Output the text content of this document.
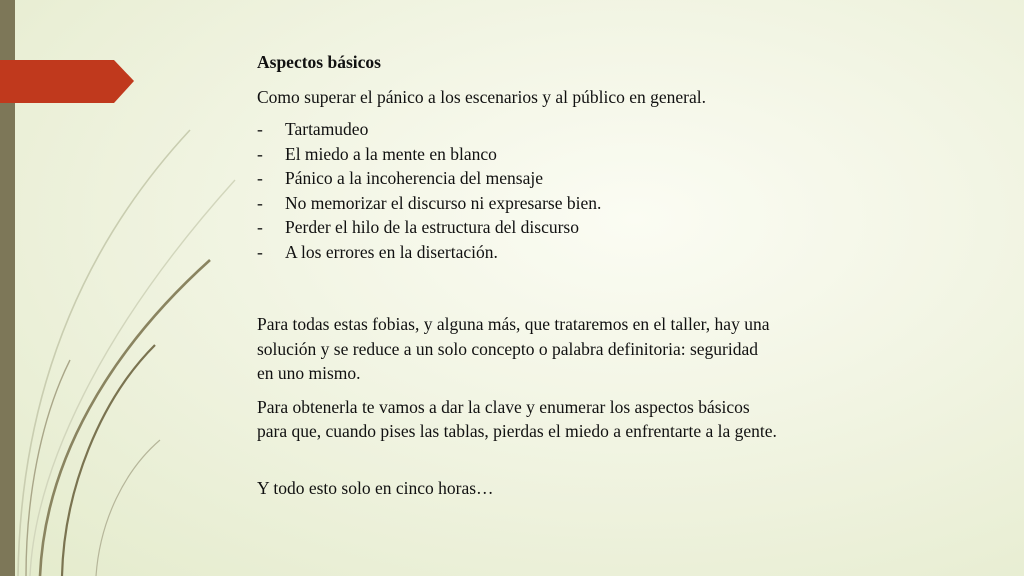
Aspectos básicos

Como superar el pánico a los escenarios y al público en general.

- Tartamudeo
- El miedo a la mente en blanco
- Pánico a la incoherencia del mensaje
- No memorizar el discurso ni expresarse bien.
- Perder el hilo de la estructura del discurso
- A los errores en la disertación.

Para todas estas fobias, y alguna más, que trataremos en el taller, hay una solución y se reduce a un solo concepto o palabra definitoria: seguridad en uno mismo.

Para obtenerla te vamos a dar la clave y enumerar los aspectos básicos para que, cuando pises las tablas, pierdas el miedo a enfrentarte a la gente.

Y todo esto solo en cinco horas…
